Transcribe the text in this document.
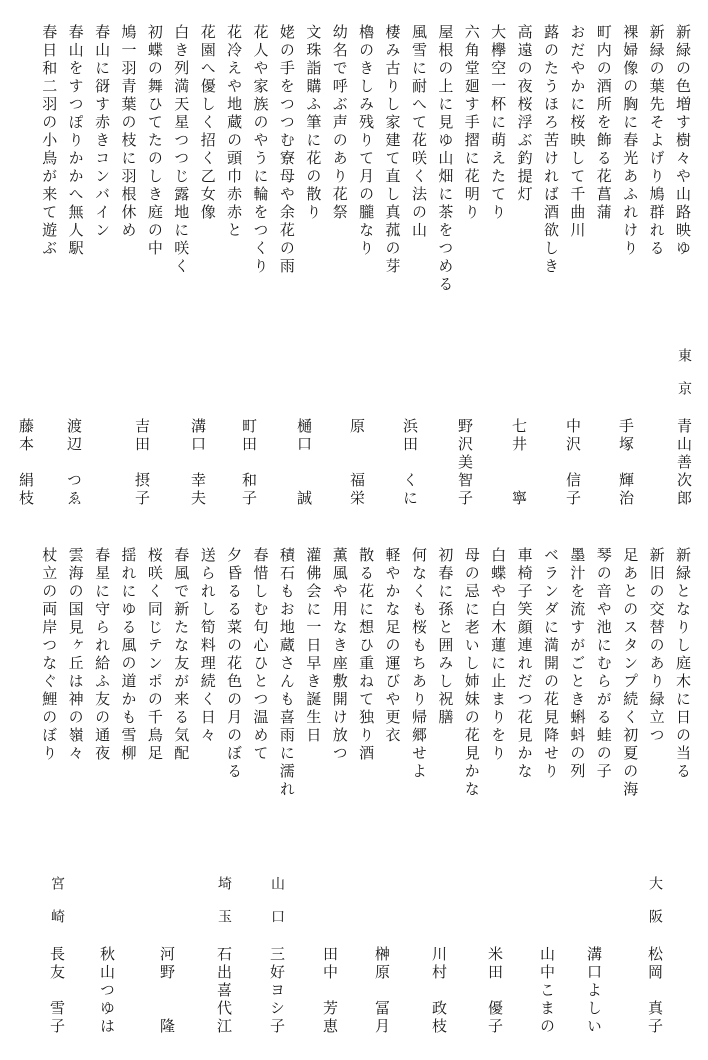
新緑の色増す樹々や山路映ゆ
新緑の葉先そよげり鳩群れる
裸婦像の胸に春光あふれけり
町内の酒所を飾る花菖蒲
おだやかに桜映して千曲川
蕗のたうほろ苦ければ酒欲しき
高遠の夜桜浮ぶ釣提灯
大欅空一杯に萌えたてり
六角堂廻す手摺に花明り
屋根の上に見ゆ山畑に茶をつめる
風雪に耐へて花咲く法の山
棲み古りし家建て直し真菰の芽
櫓のきしみ残りて月の朧なり
幼名で呼ぶ声のあり花祭
文珠詣購ふ筆に花の散り
姥の手をつつむ寮母や余花の雨
花人や家族のやうに輪をつくり
花冷えや地蔵の頭巾赤赤と
花園へ優しく招く乙女像
白き列満天星つつじ露地に咲く
初蝶の舞ひてたのしき庭の中
鳩一羽青葉の枝に羽根休め
春山に谺す赤きコンバイン
春山をすつぽりかかへ無人駅
春日和二羽の小鳥が来て遊ぶ
東京
青山善次郎
手塚　輝治
中沢　信子
七井　　寧
野沢美智子
浜田　くに
原　　福栄
樋口　　誠
町田　和子
溝口　幸夫
吉田　摂子
渡辺　つゑ
藤本　絹枝
新緑となりし庭木に日の当る
新旧の交替のあり緑立つ
足あとのスタンプ続く初夏の海
琴の音や池にむらがる蛙の子
墨汁を流すがごとき蝌蚪の列
ベランダに満開の花見降せり
車椅子笑顔連れだつ花見かな
白蝶や白木蓮に止まりをり
母の忌に老いし姉妹の花見かな
初春に孫と囲みし祝膳
何なくも桜もちあり帰郷せよ
軽やかな足の運びや更衣
散る花に想ひ重ねて独り酒
薫風や用なき座敷開け放つ
灌佛会に一日早き誕生日
積石もお地蔵さんも喜雨に濡れ
春惜しむ句心ひとつ温めて
夕昏るる菜の花色の月のぼる
送られし筍料理続く日々
春風で新たな友が来る気配
桜咲く同じテンポの千鳥足
揺れにゆる風の道かも雪柳
春星に守られ給ふ友の通夜
雲海の国見ヶ丘は神の嶺々
杖立の両岸つなぐ鯉のぼり
大阪
松岡　真子
溝口よしい
山中こまの
米田　優子
川村　政枝
榊原　冨月
田中　芳恵
山口
三好ヨシ子
埼玉
石出喜代江
河野　　隆
秋山つゆは
宮崎
長友　雪子
